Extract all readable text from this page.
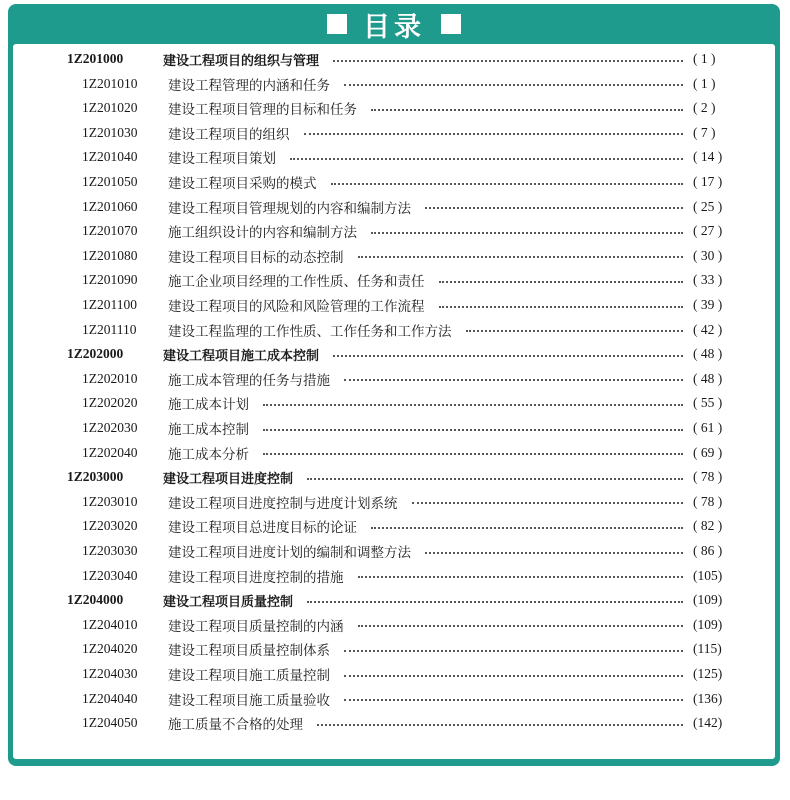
目录
1Z201000	建设工程项目的组织与管理	( 1 )
1Z201010	建设工程管理的内涵和任务	( 1 )
1Z201020	建设工程项目管理的目标和任务	( 2 )
1Z201030	建设工程项目的组织	( 7 )
1Z201040	建设工程项目策划	( 14 )
1Z201050	建设工程项目采购的模式	( 17 )
1Z201060	建设工程项目管理规划的内容和编制方法	( 25 )
1Z201070	施工组织设计的内容和编制方法	( 27 )
1Z201080	建设工程项目目标的动态控制	( 30 )
1Z201090	施工企业项目经理的工作性质、任务和责任	( 33 )
1Z201100	建设工程项目的风险和风险管理的工作流程	( 39 )
1Z201110	建设工程监理的工作性质、工作任务和工作方法	( 42 )
1Z202000	建设工程项目施工成本控制	( 48 )
1Z202010	施工成本管理的任务与措施	( 48 )
1Z202020	施工成本计划	( 55 )
1Z202030	施工成本控制	( 61 )
1Z202040	施工成本分析	( 69 )
1Z203000	建设工程项目进度控制	( 78 )
1Z203010	建设工程项目进度控制与进度计划系统	( 78 )
1Z203020	建设工程项目总进度目标的论证	( 82 )
1Z203030	建设工程项目进度计划的编制和调整方法	( 86 )
1Z203040	建设工程项目进度控制的措施	(105)
1Z204000	建设工程项目质量控制	(109)
1Z204010	建设工程项目质量控制的内涵	(109)
1Z204020	建设工程项目质量控制体系	(115)
1Z204030	建设工程项目施工质量控制	(125)
1Z204040	建设工程项目施工质量验收	(136)
1Z204050	施工质量不合格的处理	(142)
